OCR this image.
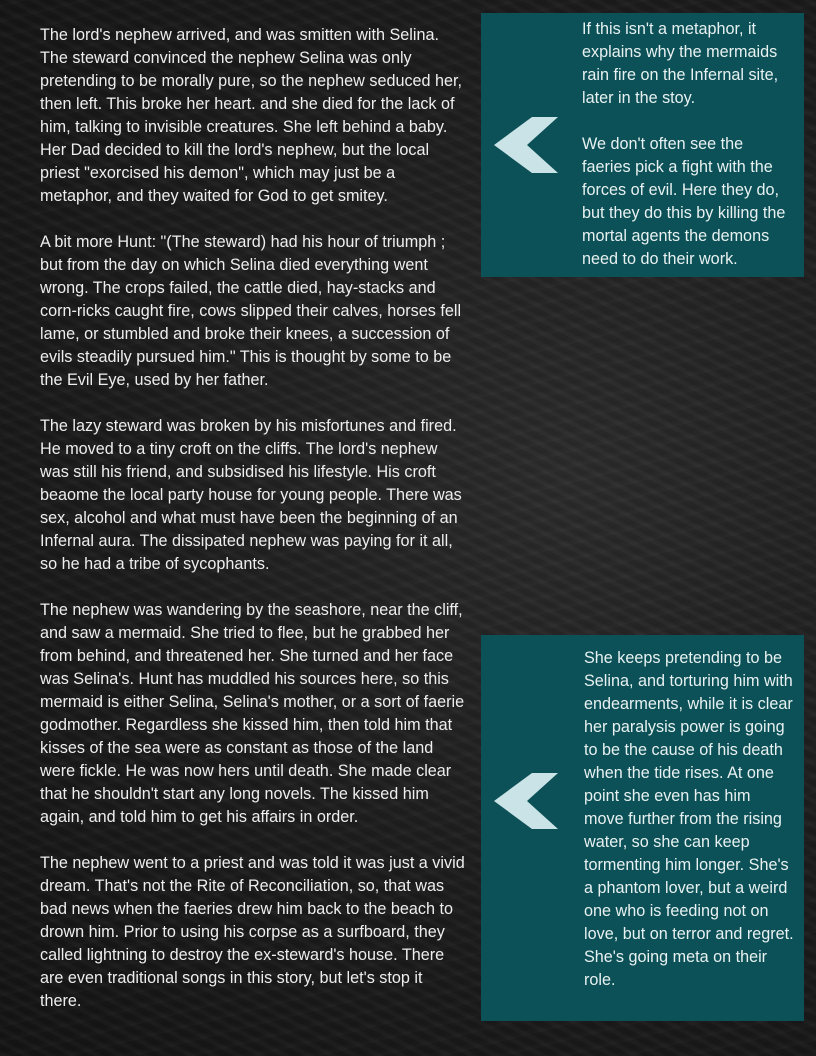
The lord's nephew arrived, and was smitten with Selina. The steward convinced the nephew Selina was only pretending to be morally pure, so the nephew seduced her, then left. This broke her heart. and she died for the lack of him, talking to invisible creatures. She left behind a baby. Her Dad decided to kill the lord's nephew, but the local priest "exorcised his demon", which may just be a metaphor, and they waited for God to get smitey.

A bit more Hunt: "(The steward) had his hour of triumph ; but from the day on which Selina died everything went wrong. The crops failed, the cattle died, hay-stacks and corn-ricks caught fire, cows slipped their calves, horses fell lame, or stumbled and broke their knees, a succession of evils steadily pursued him." This is thought by some to be the Evil Eye, used by her father.

The lazy steward was broken by his misfortunes and fired. He moved to a tiny croft on the cliffs. The lord's nephew was still his friend, and subsidised his lifestyle. His croft beaome the local party house for young people. There was sex, alcohol and what must have been the beginning of an Infernal aura. The dissipated nephew was paying for it all, so he had a tribe of sycophants.

The nephew was wandering by the seashore, near the cliff, and saw a mermaid. She tried to flee, but he grabbed her from behind, and threatened her. She turned and her face was Selina's. Hunt has muddled his sources here, so this mermaid is either Selina, Selina's mother, or a sort of faerie godmother. Regardless she kissed him, then told him that kisses of the sea were as constant as those of the land were fickle. He was now hers until death. She made clear that he shouldn't start any long novels. The kissed him again, and told him to get his affairs in order.

The nephew went to a priest and was told it was just a vivid dream. That's not the Rite of Reconciliation, so, that was bad news when the faeries drew him back to the beach to drown him. Prior to using his corpse as a surfboard, they called lightning to destroy the ex-steward's house. There are even traditional songs in this story, but let's stop it there.

If this isn't a metaphor, it explains why the mermaids rain fire on the Infernal site, later in the stoy.

We don't often see the faeries pick a fight with the forces of evil. Here they do, but they do this by killing the mortal agents the demons need to do their work.

She keeps pretending to be Selina, and torturing him with endearments, while it is clear her paralysis power is going to be the cause of his death when the tide rises. At one point she even has him move further from the rising water, so she can keep tormenting him longer. She's a phantom lover, but a weird one who is feeding not on love, but on terror and regret. She's going meta on their role.
